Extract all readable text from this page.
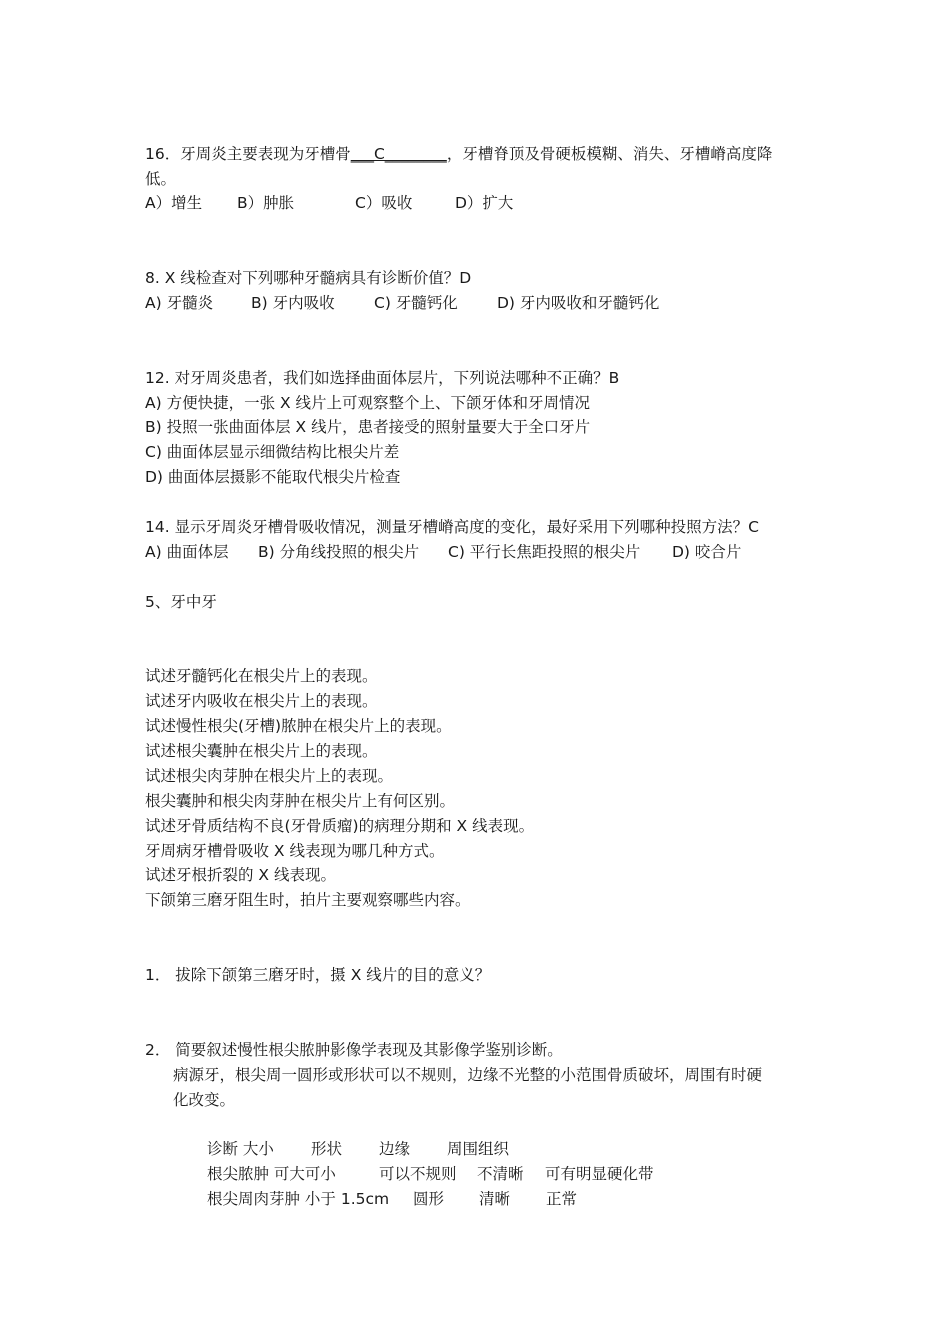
16．牙周炎主要表现为牙槽骨___C________，牙槽脊顶及骨硬板模糊、消失、牙槽嵴高度降
低。
A）增生 B）肿胀	C）吸收	D）扩大
8. X 线检查对下列哪种牙髓病具有诊断价值？D
A) 牙髓炎 B) 牙内吸收	C) 牙髓钙化	D) 牙内吸收和牙髓钙化
12. 对牙周炎患者，我们如选择曲面体层片，下列说法哪种不正确？B
A) 方便快捷，一张 X 线片上可观察整个上、下颌牙体和牙周情况
B) 投照一张曲面体层 X 线片，患者接受的照射量要大于全口牙片
C) 曲面体层显示细微结构比根尖片差
D) 曲面体层摄影不能取代根尖片检查
14. 显示牙周炎牙槽骨吸收情况，测量牙槽嵴高度的变化，最好采用下列哪种投照方法？C
A) 曲面体层 B) 分角线投照的根尖片 C) 平行长焦距投照的根尖片 D) 咬合片
5、牙中牙
试述牙髓钙化在根尖片上的表现。
试述牙内吸收在根尖片上的表现。
试述慢性根尖(牙槽)脓肿在根尖片上的表现。
试述根尖囊肿在根尖片上的表现。
试述根尖肉芽肿在根尖片上的表现。
根尖囊肿和根尖肉芽肿在根尖片上有何区别。
试述牙骨质结构不良(牙骨质瘤)的病理分期和 X 线表现。
牙周病牙槽骨吸收 X 线表现为哪几种方式。
试述牙根折裂的 X 线表现。
下颌第三磨牙阻生时，拍片主要观察哪些内容。
1． 拔除下颌第三磨牙时，摄 X 线片的目的意义？
2． 简要叙述慢性根尖脓肿影像学表现及其影像学鉴别诊断。
病源牙，根尖周一圆形或形状可以不规则，边缘不光整的小范围骨质破坏，周围有时硬
化改变。
诊断 大小 形状 边缘 周围组织
根尖脓肿 可大可小	可以不规则 不清晰 可有明显硬化带
根尖周肉芽肿 小于 1.5cm 圆形 清晰 正常
